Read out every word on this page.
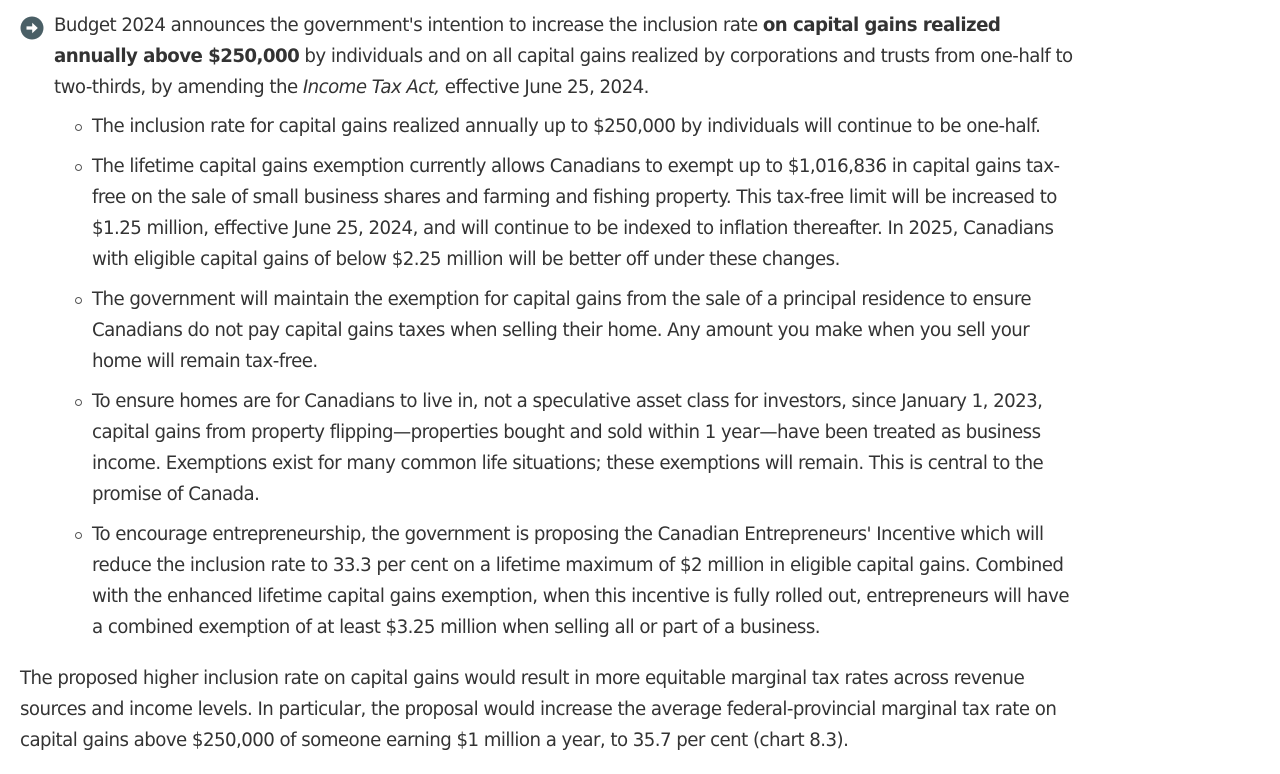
Budget 2024 announces the government's intention to increase the inclusion rate on capital gains realized annually above $250,000 by individuals and on all capital gains realized by corporations and trusts from one-half to two-thirds, by amending the Income Tax Act, effective June 25, 2024.

The inclusion rate for capital gains realized annually up to $250,000 by individuals will continue to be one-half.
The lifetime capital gains exemption currently allows Canadians to exempt up to $1,016,836 in capital gains tax-free on the sale of small business shares and farming and fishing property. This tax-free limit will be increased to $1.25 million, effective June 25, 2024, and will continue to be indexed to inflation thereafter. In 2025, Canadians with eligible capital gains of below $2.25 million will be better off under these changes.
The government will maintain the exemption for capital gains from the sale of a principal residence to ensure Canadians do not pay capital gains taxes when selling their home. Any amount you make when you sell your home will remain tax-free.
To ensure homes are for Canadians to live in, not a speculative asset class for investors, since January 1, 2023, capital gains from property flipping—properties bought and sold within 1 year—have been treated as business income. Exemptions exist for many common life situations; these exemptions will remain. This is central to the promise of Canada.
To encourage entrepreneurship, the government is proposing the Canadian Entrepreneurs' Incentive which will reduce the inclusion rate to 33.3 per cent on a lifetime maximum of $2 million in eligible capital gains. Combined with the enhanced lifetime capital gains exemption, when this incentive is fully rolled out, entrepreneurs will have a combined exemption of at least $3.25 million when selling all or part of a business.

The proposed higher inclusion rate on capital gains would result in more equitable marginal tax rates across revenue sources and income levels. In particular, the proposal would increase the average federal-provincial marginal tax rate on capital gains above $250,000 of someone earning $1 million a year, to 35.7 per cent (chart 8.3).
